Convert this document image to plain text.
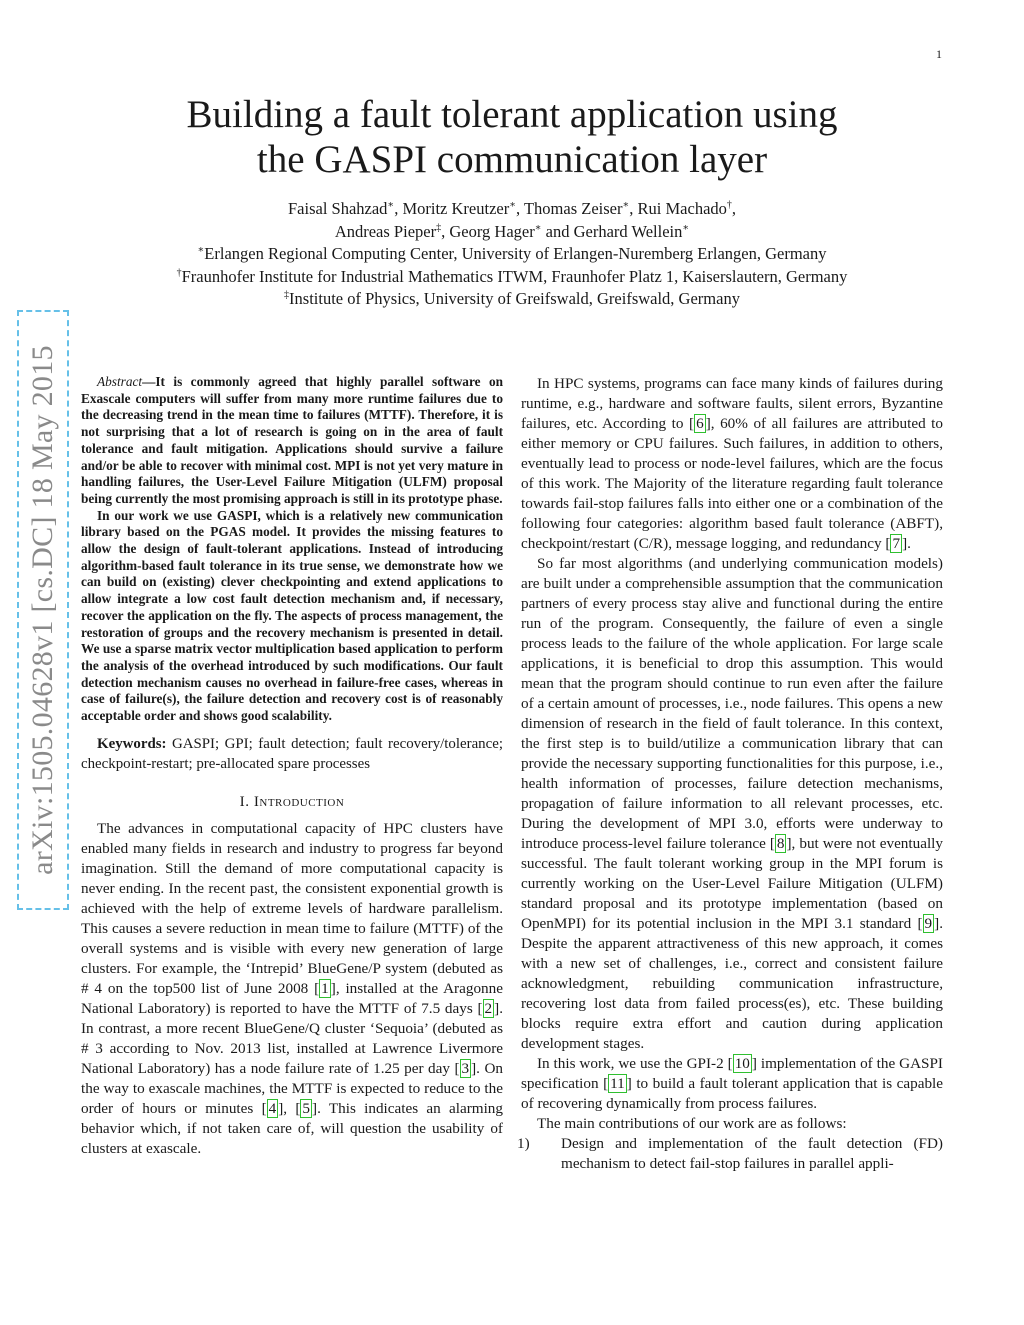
1
arXiv:1505.04628v1 [cs.DC] 18 May 2015
Building a fault tolerant application using
the GASPI communication layer
Faisal Shahzad∗, Moritz Kreutzer∗, Thomas Zeiser∗, Rui Machado†,
Andreas Pieper‡, Georg Hager∗ and Gerhard Wellein∗
∗Erlangen Regional Computing Center, University of Erlangen-Nuremberg Erlangen, Germany
†Fraunhofer Institute for Industrial Mathematics ITWM, Fraunhofer Platz 1, Kaiserslautern, Germany
‡Institute of Physics, University of Greifswald, Greifswald, Germany

Abstract—It is commonly agreed that highly parallel software on Exascale computers will suffer from many more runtime failures due to the decreasing trend in the mean time to failures (MTTF). Therefore, it is not surprising that a lot of research is going on in the area of fault tolerance and fault mitigation. Applications should survive a failure and/or be able to recover with minimal cost. MPI is not yet very mature in handling failures, the User-Level Failure Mitigation (ULFM) proposal being currently the most promising approach is still in its prototype phase.

In our work we use GASPI, which is a relatively new communication library based on the PGAS model. It provides the missing features to allow the design of fault-tolerant applications. Instead of introducing algorithm-based fault tolerance in its true sense, we demonstrate how we can build on (existing) clever checkpointing and extend applications to allow integrate a low cost fault detection mechanism and, if necessary, recover the application on the fly. The aspects of process management, the restoration of groups and the recovery mechanism is presented in detail. We use a sparse matrix vector multiplication based application to perform the analysis of the overhead introduced by such modifications. Our fault detection mechanism causes no overhead in failure-free cases, whereas in case of failure(s), the failure detection and recovery cost is of reasonably acceptable order and shows good scalability.

Keywords: GASPI; GPI; fault detection; fault recovery/tolerance; checkpoint-restart; pre-allocated spare processes

I. Introduction

The advances in computational capacity of HPC clusters have enabled many fields in research and industry to progress far beyond imagination. Still the demand of more computational capacity is never ending. In the recent past, the consistent exponential growth is achieved with the help of extreme levels of hardware parallelism. This causes a severe reduction in mean time to failure (MTTF) of the overall systems and is visible with every new generation of large clusters. For example, the ‘Intrepid’ BlueGene/P system (debuted as # 4 on the top500 list of June 2008 [ 1 ], installed at the Aragonne National Laboratory) is reported to have the MTTF of 7.5 days [ 2 ]. In contrast, a more recent BlueGene/Q cluster ‘Sequoia’ (debuted as # 3 according to Nov. 2013 list, installed at Lawrence Livermore National Laboratory) has a node failure rate of 1.25 per day [ 3 ]. On the way to exascale machines, the MTTF is expected to reduce to the order of hours or minutes [ 4 ], [ 5 ]. This indicates an alarming behavior which, if not taken care of, will question the usability of clusters at exascale.

In HPC systems, programs can face many kinds of failures during runtime, e.g., hardware and software faults, silent errors, Byzantine failures, etc. According to [ 6 ], 60% of all failures are attributed to either memory or CPU failures. Such failures, in addition to others, eventually lead to process or node-level failures, which are the focus of this work. The Majority of the literature regarding fault tolerance towards fail-stop failures falls into either one or a combination of the following four categories: algorithm based fault tolerance (ABFT), checkpoint/restart (C/R), message logging, and redundancy [ 7 ].

So far most algorithms (and underlying communication models) are built under a comprehensible assumption that the communication partners of every process stay alive and functional during the entire run of the program. Consequently, the failure of even a single process leads to the failure of the whole application. For large scale applications, it is beneficial to drop this assumption. This would mean that the program should continue to run even after the failure of a certain amount of processes, i.e., node failures. This opens a new dimension of research in the field of fault tolerance. In this context, the first step is to build/utilize a communication library that can provide the necessary supporting functionalities for this purpose, i.e., health information of processes, failure detection mechanisms, propagation of failure information to all relevant processes, etc. During the development of MPI 3.0, efforts were underway to introduce process-level failure tolerance [ 8 ], but were not eventually successful. The fault tolerant working group in the MPI forum is currently working on the User-Level Failure Mitigation (ULFM) standard proposal and its prototype implementation (based on OpenMPI) for its potential inclusion in the MPI 3.1 standard [ 9 ]. Despite the apparent attractiveness of this new approach, it comes with a new set of challenges, i.e., correct and consistent failure acknowledgment, rebuilding communication infrastructure, recovering lost data from failed process(es), etc. These building blocks require extra effort and caution during application development stages.

In this work, we use the GPI-2 [ 10 ] implementation of the GASPI specification [ 11 ] to build a fault tolerant application that is capable of recovering dynamically from process failures.

The main contributions of our work are as follows:

1) Design and implementation of the fault detection (FD) mechanism to detect fail-stop failures in parallel appli-
